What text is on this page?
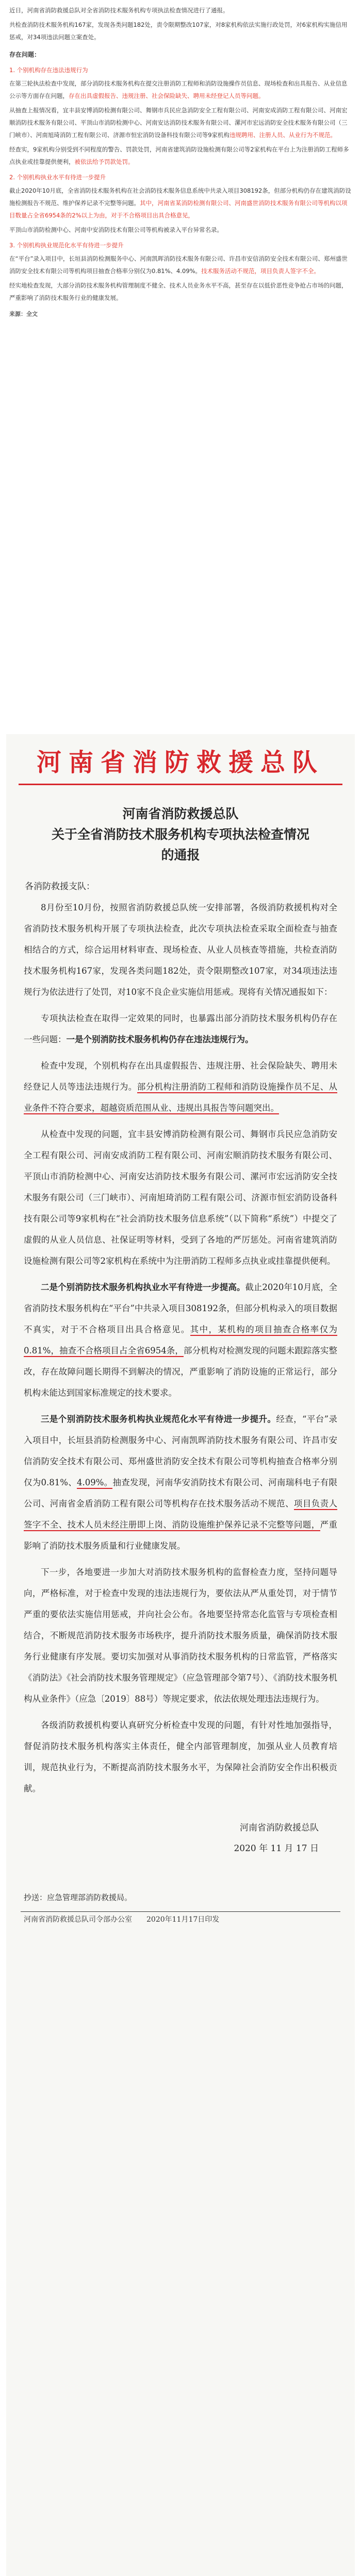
近日，河南省消防救援总队对全省消防技术服务机构专项执法检查情况进行了通报。

共检查消防技术服务机构167家，发现各类问题182处，责令限期整改107家，对8家机构依法实施行政处罚，对6家机构实施信用惩戒，对34项违法问题立案查处。

存在问题：
1. 个别机构存在违法违规行为

在第三轮执法检查中发现，部分消防技术服务机构在提交注册消防工程师和消防设施操作员信息、现场检查和出具报告、从业信息公示等方面存在问题，存在出具虚假报告、违规注册、社会保险缺失、聘用未经登记人员等问题。

从抽查上报情况看，宜丰县安博消防检测有限公司、舞钢市兵民应急消防安全工程有限公司、河南安成消防工程有限公司、河南宏顺消防技术服务有限公司、平顶山市消防检测中心、河南安达消防技术服务有限公司、漯河市宏远消防安全技术服务有限公司（三门峡市）、河南旭琦消防工程有限公司、济源市恒宏消防设备科技有限公司等9家机构违规聘用、注册人员、从业行为不规范。

经查实，9家机构分别受到不同程度的警告、罚款处罚，河南省建筑消防设施检测有限公司等2家机构在平台上为注册消防工程师多点执业或挂靠提供便利，被依法给予罚款处罚。

2. 个别机构执业水平有待进一步提升

截止2020年10月底，全省消防技术服务机构在社会消防技术服务信息系统中共录入项目308192条，但部分机构仍存在建筑消防设施检测报告不规范、维护保养记录不完整等问题。其中，河南省某消防检测有限公司、河南盛世消防技术服务有限公司等机构以项目数量占全省6954条的2%以上为由，对于不合格项目出具合格意见，

平顶山市消防检测中心、河南中安消防技术有限公司等机构被录入平台异常名录。

3. 个别机构执业规范化水平有待进一步提升

在“平台”录入项目中，长垣县消防检测服务中心、河南凯晖消防技术服务有限公司、许昌市安信消防安全技术有限公司、郑州盛世消防安全技术有限公司等机构项目抽查合格率分别仅为0.81%、4.09%。技术服务活动不规范，项目负责人签字不全。

经实地检查发现，大部分消防技术服务机构管理制度不健全、技术人员业务水平不高，甚至存在以低价恶性竞争抢占市场的问题，严重影响了消防技术服务行业的健康发展。

来源：全文
河南省消防救援总队
河南省消防救援总队
关于全省消防技术服务机构专项执法检查情况
的通报
各消防救援支队：
8月份至10月份，按照省消防救援总队统一安排部署，各级消防救援机构对全省消防技术服务机构开展了专项执法检查，此次专项执法检查采取全面检查与抽查相结合的方式，综合运用材料审查、现场检查、从业人员核查等措施，共检查消防技术服务机构167家，发现各类问题182处，责令限期整改107家，对34项违法违规行为依法进行了处罚，对10家不良企业实施信用惩戒。现将有关情况通报如下：
专项执法检查在取得一定效果的同时，也暴露出部分消防技术服务机构仍存在一些问题：一是个别消防技术服务机构仍存在违法违规行为。
检查中发现，个别机构存在出具虚假报告、违规注册、社会保险缺失、聘用未经登记人员等违法违规行为。部分机构注册消防工程师和消防设施操作员不足、从业条件不符合要求，超越资质范围从业、违规出具报告等问题突出。
从检查中发现的问题，宜丰县安博消防检测有限公司、舞钢市兵民应急消防安全工程有限公司、河南安成消防工程有限公司、河南宏顺消防技术服务有限公司、平顶山市消防检测中心、河南安达消防技术服务有限公司、漯河市宏远消防安全技术服务有限公司（三门峡市）、河南旭琦消防工程有限公司、济源市恒宏消防设备科技有限公司等9家机构在“社会消防技术服务信息系统”（以下简称“系统”）中提交了虚假的从业人员信息、社保证明等材料，受到了各地的严厉惩处。河南省建筑消防设施检测有限公司等2家机构在系统中为注册消防工程师多点执业或挂靠提供便利。
二是个别消防技术服务机构执业水平有待进一步提高。截止2020年10月底，全省消防技术服务机构在“平台”中共录入项目308192条，但部分机构录入的项目数据不真实，对于不合格项目出具合格意见。其中，某机构的项目抽查合格率仅为0.81%，抽查不合格项目占全省6954条，部分机构对检测发现的问题未跟踪落实整改，存在故障问题长期得不到解决的情况，严重影响了消防设施的正常运行，部分机构未能达到国家标准规定的技术要求。
三是个别消防技术服务机构执业规范化水平有待进一步提升。经查，“平台”录入项目中，长垣县消防检测服务中心、河南凯晖消防技术服务有限公司、许昌市安信消防安全技术有限公司、郑州盛世消防安全技术有限公司等机构抽查合格率分别仅为0.81%、4.09%。抽查发现，河南华安消防技术有限公司、河南瑞科电子有限公司、河南省金盾消防工程有限公司等机构存在技术服务活动不规范、项目负责人签字不全、技术人员未经注册即上岗、消防设施维护保养记录不完整等问题，严重影响了消防技术服务质量和行业健康发展。
下一步，各地要进一步加大对消防技术服务机构的监督检查力度，坚持问题导向，严格标准，对于检查中发现的违法违规行为，要依法从严从重处罚，对于情节严重的要依法实施信用惩戒，并向社会公布。各地要坚持常态化监管与专项检查相结合，不断规范消防技术服务市场秩序，提升消防技术服务质量，确保消防技术服务行业健康有序发展。要切实加强对从事消防技术服务机构的日常监管，严格落实《消防法》《社会消防技术服务管理规定》（应急管理部令第7号）、《消防技术服务机构从业条件》（应急〔2019〕88号）等规定要求，依法依规处理违法违规行为。
各级消防救援机构要认真研究分析检查中发现的问题，有针对性地加强指导，督促消防技术服务机构落实主体责任，健全内部管理制度，加强从业人员教育培训，规范执业行为，不断提高消防技术服务水平，为保障社会消防安全作出积极贡献。
河南省消防救援总队
2020 年 11 月 17 日
抄送：应急管理部消防救援局。
河南省消防救援总队司令部办公室　　2020年11月17日印发
